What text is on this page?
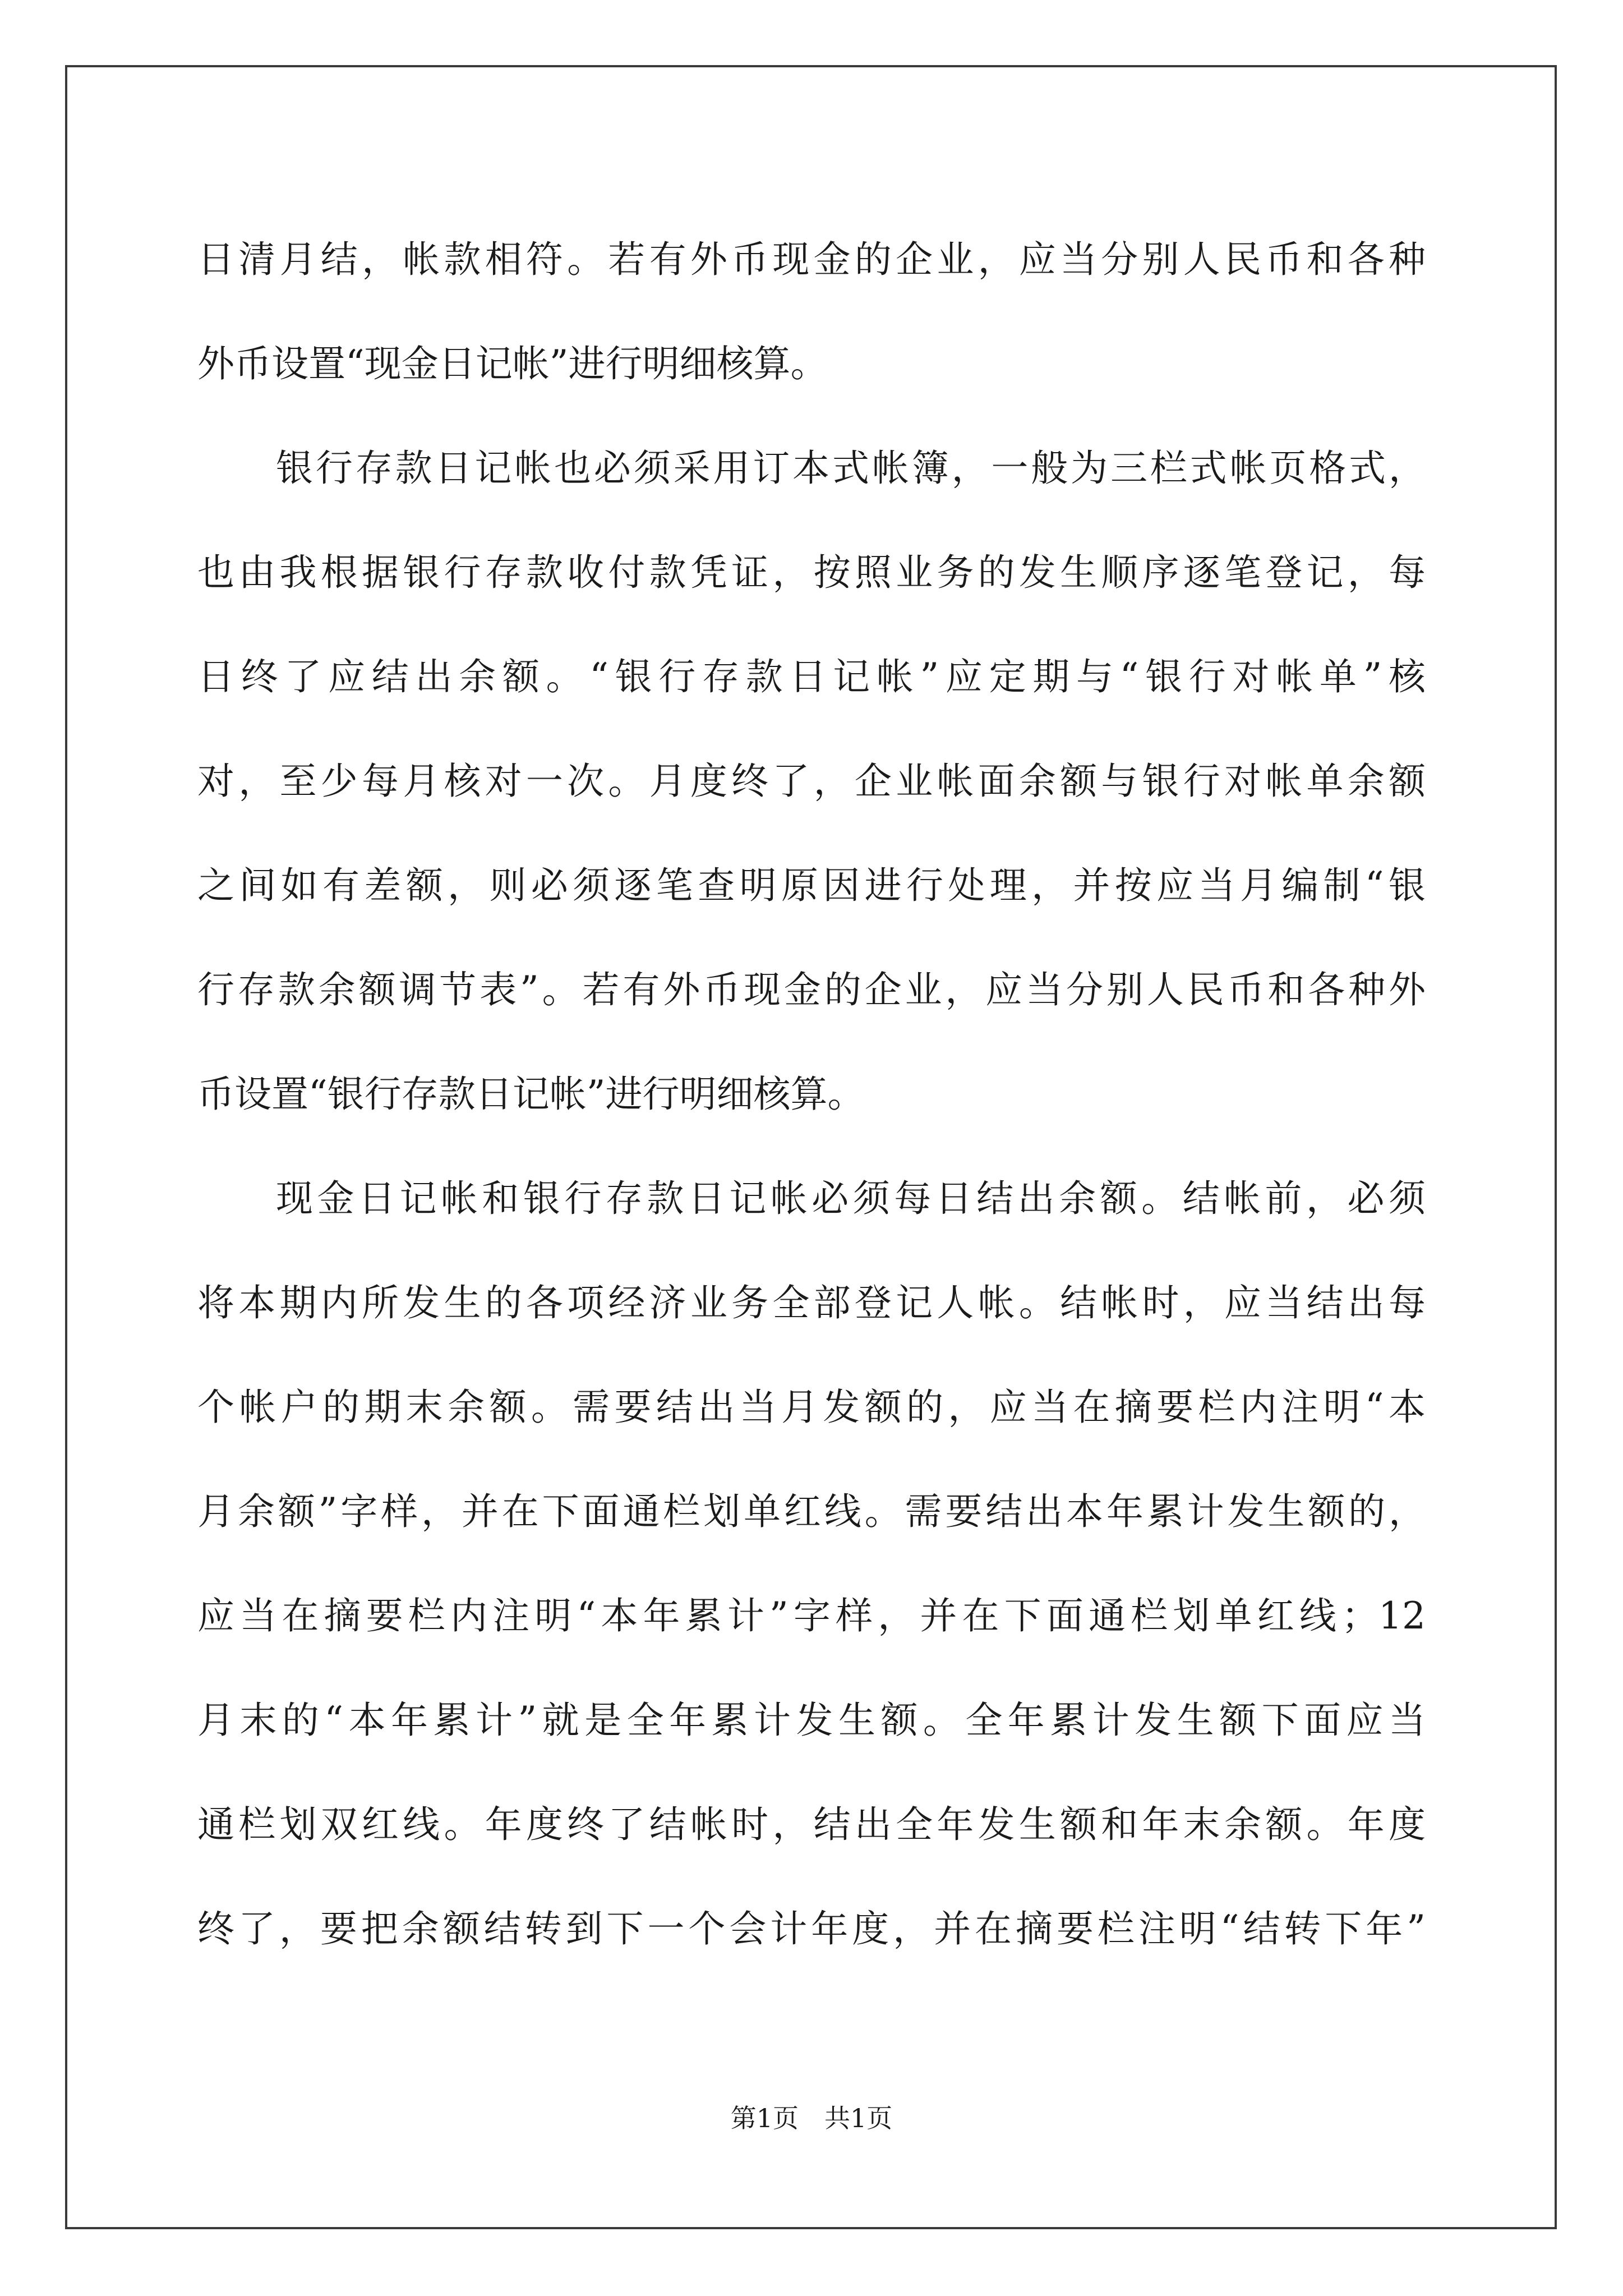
日清月结，帐款相符。若有外币现金的企业，应当分别人民币和各种
外币设置“现金日记帐”进行明细核算。
银行存款日记帐也必须采用订本式帐簿，一般为三栏式帐页格式，
也由我根据银行存款收付款凭证，按照业务的发生顺序逐笔登记，每
日终了应结出余额。“银行存款日记帐”应定期与“银行对帐单”核
对，至少每月核对一次。月度终了，企业帐面余额与银行对帐单余额
之间如有差额，则必须逐笔查明原因进行处理，并按应当月编制“银
行存款余额调节表”。若有外币现金的企业，应当分别人民币和各种外
币设置“银行存款日记帐”进行明细核算。
现金日记帐和银行存款日记帐必须每日结出余额。结帐前，必须
将本期内所发生的各项经济业务全部登记人帐。结帐时，应当结出每
个帐户的期末余额。需要结出当月发额的，应当在摘要栏内注明“本
月余额”字样，并在下面通栏划单红线。需要结出本年累计发生额的，
应当在摘要栏内注明“本年累计”字样，并在下面通栏划单红线；12
月末的“本年累计”就是全年累计发生额。全年累计发生额下面应当
通栏划双红线。年度终了结帐时，结出全年发生额和年末余额。年度
终了，要把余额结转到下一个会计年度，并在摘要栏注明“结转下年”
第1页　共1页
